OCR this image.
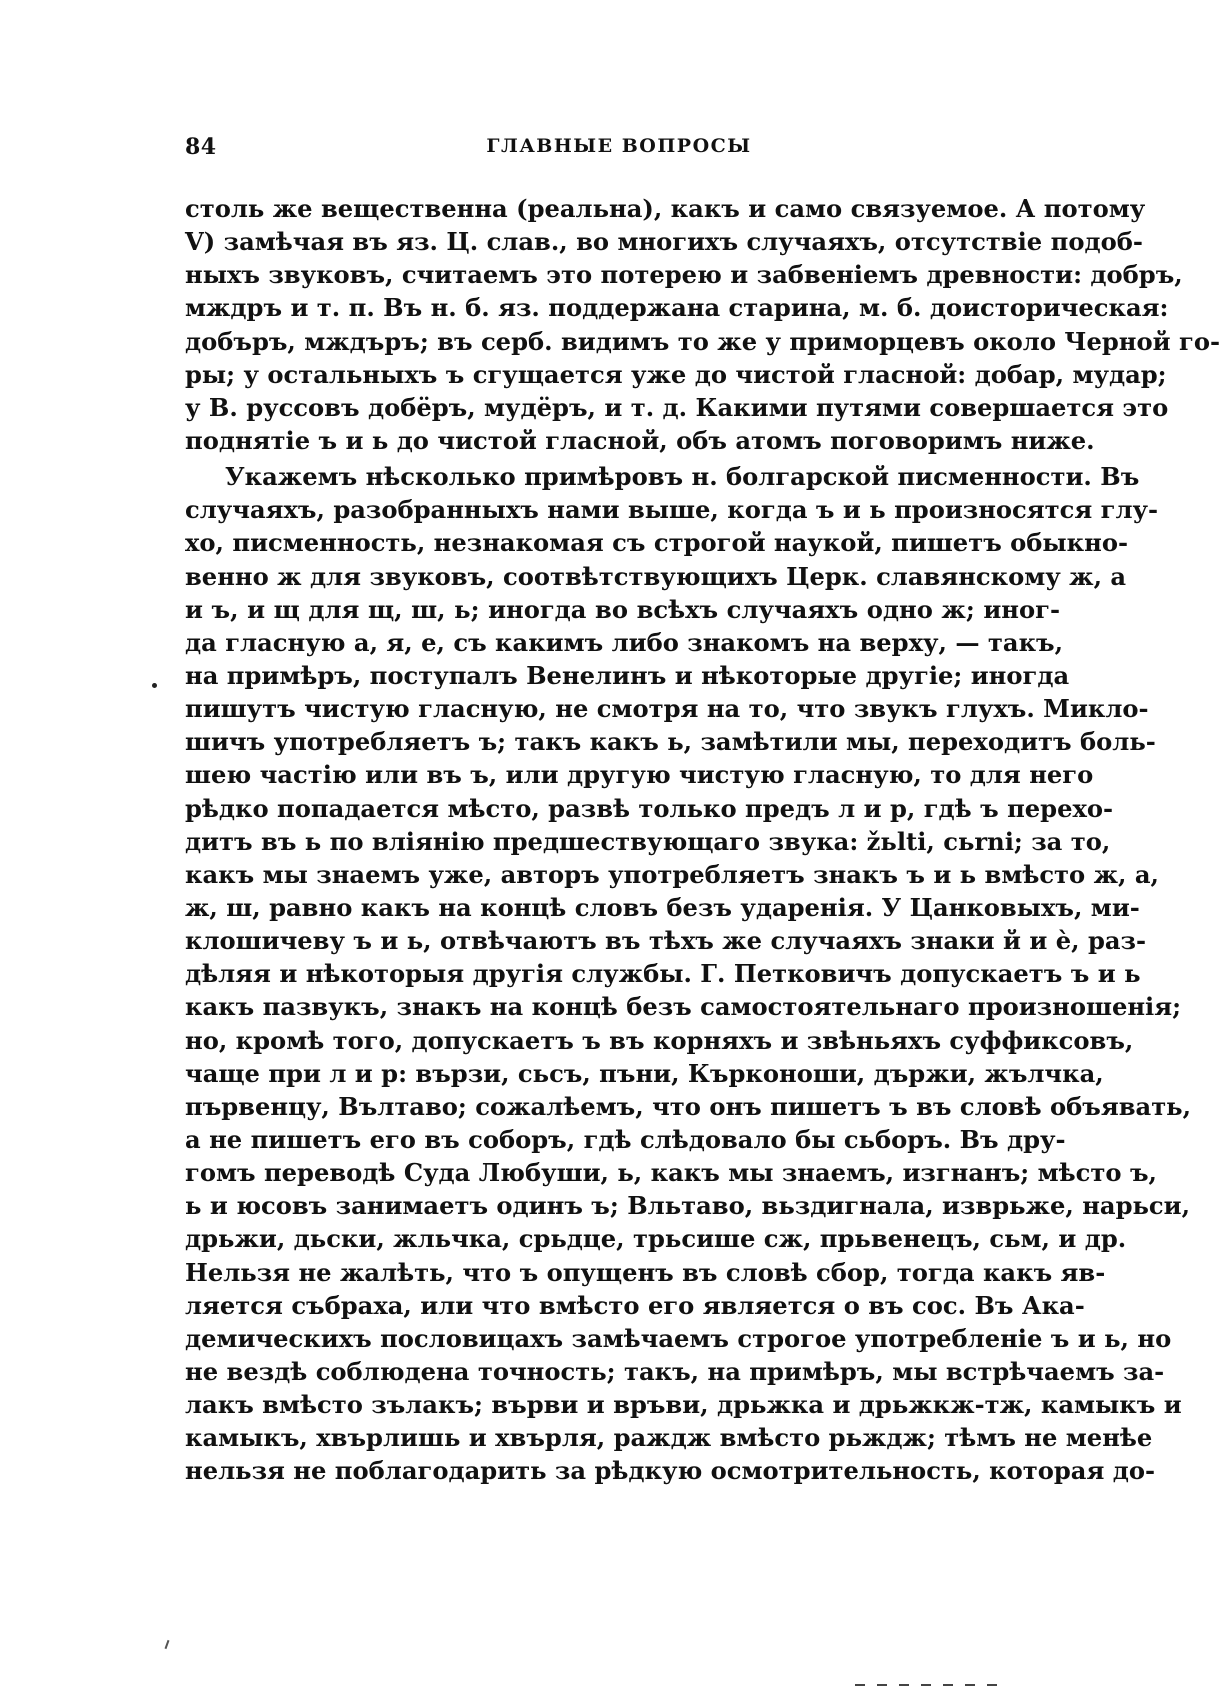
84	ГЛАВНЫЕ ВОПРОСЫ
столь же вещественна (реальна), какъ и само связуемое. А потому
V) замѣчая въ яз. Ц. слав., во многихъ случаяхъ, отсутствіе подоб-
ныхъ звуковъ, считаемъ это потерею и забвеніемъ древности: добръ,
мждръ и т. п. Въ н. б. яз. поддержана старина, м. б. доисторическая:
добъръ, мждъръ; въ серб. видимъ то же у приморцевъ около Черной го-
ры; у остальныхъ ъ сгущается уже до чистой гласной: добар, мудар;
у В. руссовъ добёръ, мудёръ, и т. д. Какими путями совершается это
поднятіе ъ и ь до чистой гласной, объ атомъ поговоримъ ниже.
Укажемъ нѣсколько примѣровъ н. болгарской писменности. Въ
случаяхъ, разобранныхъ нами выше, когда ъ и ь произносятся глу-
хо, писменность, незнакомая съ строгой наукой, пишетъ обыкно-
венно ж для звуковъ, соотвѣтствующихъ Церк. славянскому ж, а
и ъ, и щ для щ, ш, ь; иногда во всѣхъ случаяхъ одно ж; иног-
да гласную а, я, е, съ какимъ либо знакомъ на верху, — такъ,
на примѣръ, поступалъ Венелинъ и нѣкоторые другіе; иногда
пишутъ чистую гласную, не смотря на то, что звукъ глухъ. Микло-
шичъ употребляетъ ъ; такъ какъ ь, замѣтили мы, переходитъ боль-
шею частію или въ ъ, или другую чистую гласную, то для него
рѣдко попадается мѣсто, развѣ только предъ л и р, гдѣ ъ перехо-
дитъ въ ь по вліянію предшествующаго звука: žьlti, сьrni; за то,
какъ мы знаемъ уже, авторъ употребляетъ знакъ ъ и ь вмѣсто ж, а,
ж, ш, равно какъ на концѣ словъ безъ ударенія. У Цанковыхъ, ми-
клошичеву ъ и ь, отвѣчаютъ въ тѣхъ же случаяхъ знаки й и ѐ, раз-
дѣляя и нѣкоторыя другія службы. Г. Петковичъ допускаетъ ъ и ь
какъ пазвукъ, знакъ на концѣ безъ самостоятельнаго произношенія;
но, кромѣ того, допускаетъ ъ въ корняхъ и звѣньяхъ суффиксовъ,
чаще при л и р: вързи, сьсъ, пъни, Кърконоши, държи, жълчка,
първенцу, Вълтаво; сожалѣемъ, что онъ пишетъ ъ въ словѣ объявать,
а не пишетъ его въ соборъ, гдѣ слѣдовало бы сьборъ. Въ дру-
гомъ переводѣ Суда Любуши, ь, какъ мы знаемъ, изгнанъ; мѣсто ъ,
ь и юсовъ занимаетъ одинъ ъ; Вльтаво, вьздигнала, изврьже, нарьси,
дрьжи, дьски, жльчка, срьдце, трьсише сж, прьвенецъ, сьм, и др.
Нельзя не жалѣть, что ъ опущенъ въ словѣ сбор, тогда какъ яв-
ляется събраха, или что вмѣсто его является о въ сос. Въ Ака-
демическихъ пословицахъ замѣчаемъ строгое употребленіе ъ и ь, но
не вездѣ соблюдена точность; такъ, на примѣръ, мы встрѣчаемъ за-
лакъ вмѣсто зълакъ; върви и връви, дрьжка и дрьжкж-тж, камыкъ и
камыкъ, хвърлишь и хвърля, раждж вмѣсто рьждж; тѣмъ не менѣе
нельзя не поблагодарить за рѣдкую осмотрительность, которая до-
